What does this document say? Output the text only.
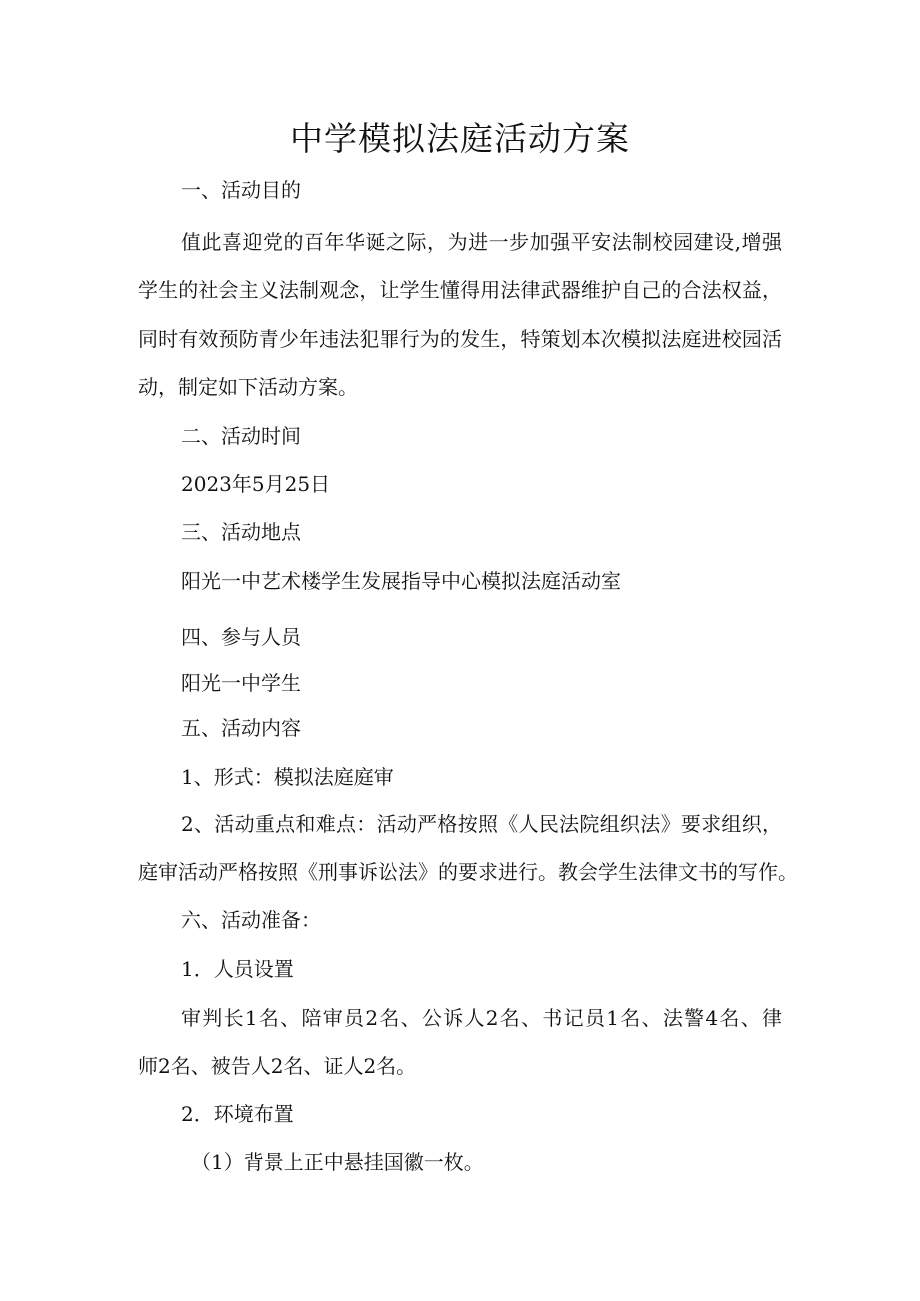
中学模拟法庭活动方案
一、活动目的
值此喜迎党的百年华诞之际，为进一步加强平安法制校园建设,增强
学生的社会主义法制观念，让学生懂得用法律武器维护自己的合法权益，
同时有效预防青少年违法犯罪行为的发生，特策划本次模拟法庭进校园活
动，制定如下活动方案。
二、活动时间
2023年5月25日
三、活动地点
阳光一中艺术楼学生发展指导中心模拟法庭活动室
四、参与人员
阳光一中学生
五、活动内容
1、形式：模拟法庭庭审
2、活动重点和难点：活动严格按照《人民法院组织法》要求组织，
庭审活动严格按照《刑事诉讼法》的要求进行。教会学生法律文书的写作。
六、活动准备：
1．人员设置
审判长1名、陪审员2名、公诉人2名、书记员1名、法警4名、律
师2名、被告人2名、证人2名。
2．环境布置
（1）背景上正中悬挂国徽一枚。
